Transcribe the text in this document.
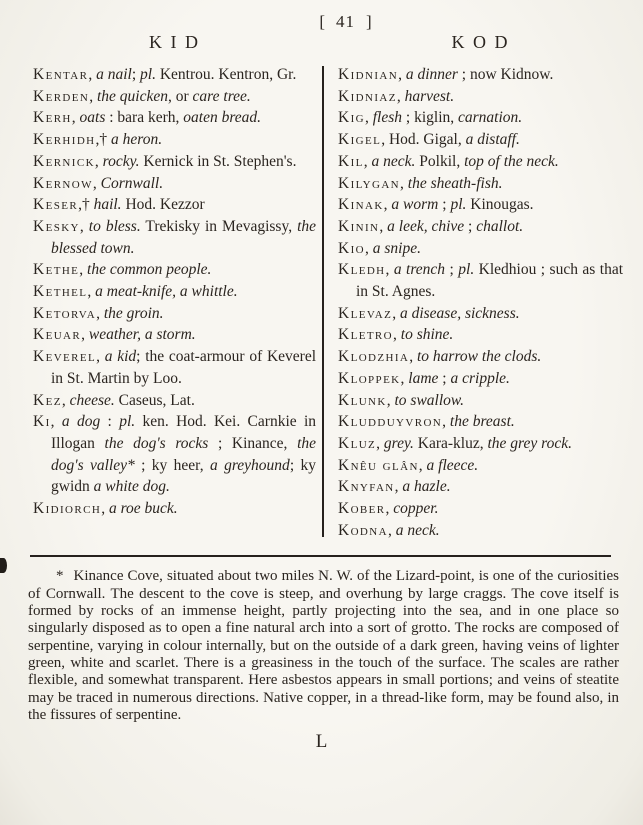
[ 41 ]
K I D	K O D
Kentar, a nail; pl. Kentrou. Kentron, Gr.
Kerden, the quicken, or care tree.
Kerh, oats : bara kerh, oaten bread.
Kerhidh,† a heron.
Kernick, rocky. Kernick in St. Stephen's.
Kernow, Cornwall.
Keser,† hail. Hod. Kezzor
Kesky, to bless. Trekisky in Mevagissy, the blessed town.
Kethe, the common people.
Kethel, a meat-knife, a whittle.
Ketorva, the groin.
Keuar, weather, a storm.
Keverel, a kid; the coat-armour of Keverel in St. Martin by Loo.
Kez, cheese. Caseus, Lat.
Ki, a dog : pl. ken. Hod. Kei. Carnkie in Illogan the dog's rocks ; Kinance, the dog's valley* ; ky heer, a greyhound; ky gwidn a white dog.
Kidiorch, a roe buck.
Kidnian, a dinner ; now Kidnow.
Kidniaz, harvest.
Kig, flesh ; kiglin, carnation.
Kigel, Hod. Gigal, a distaff.
Kil, a neck. Polkil, top of the neck.
Kilygan, the sheath-fish.
Kinak, a worm ; pl. Kinougas.
Kinin, a leek, chive ; challot.
Kio, a snipe.
Kledh, a trench ; pl. Kledhiou ; such as that in St. Agnes.
Klevaz, a disease, sickness.
Kletro, to shine.
Klodzhia, to harrow the clods.
Kloppek, lame ; a cripple.
Klunk, to swallow.
Kludduyvron, the breast.
Kluz, grey. Kara-kluz, the grey rock.
Knêu glân, a fleece.
Knyfan, a hazle.
Kober, copper.
Kodna, a neck.
* Kinance Cove, situated about two miles N. W. of the Lizard-point, is one of the curiosities of Cornwall. The descent to the cove is steep, and overhung by large craggs. The cove itself is formed by rocks of an immense height, partly projecting into the sea, and in one place so singularly disposed as to open a fine natural arch into a sort of grotto. The rocks are composed of serpentine, varying in colour internally, but on the outside of a dark green, having veins of lighter green, white and scarlet. There is a greasiness in the touch of the surface. The scales are rather flexible, and somewhat transparent. Here asbestos appears in small portions; and veins of steatite may be traced in numerous directions. Native copper, in a thread-like form, may be found also, in the fissures of serpentine.
L
